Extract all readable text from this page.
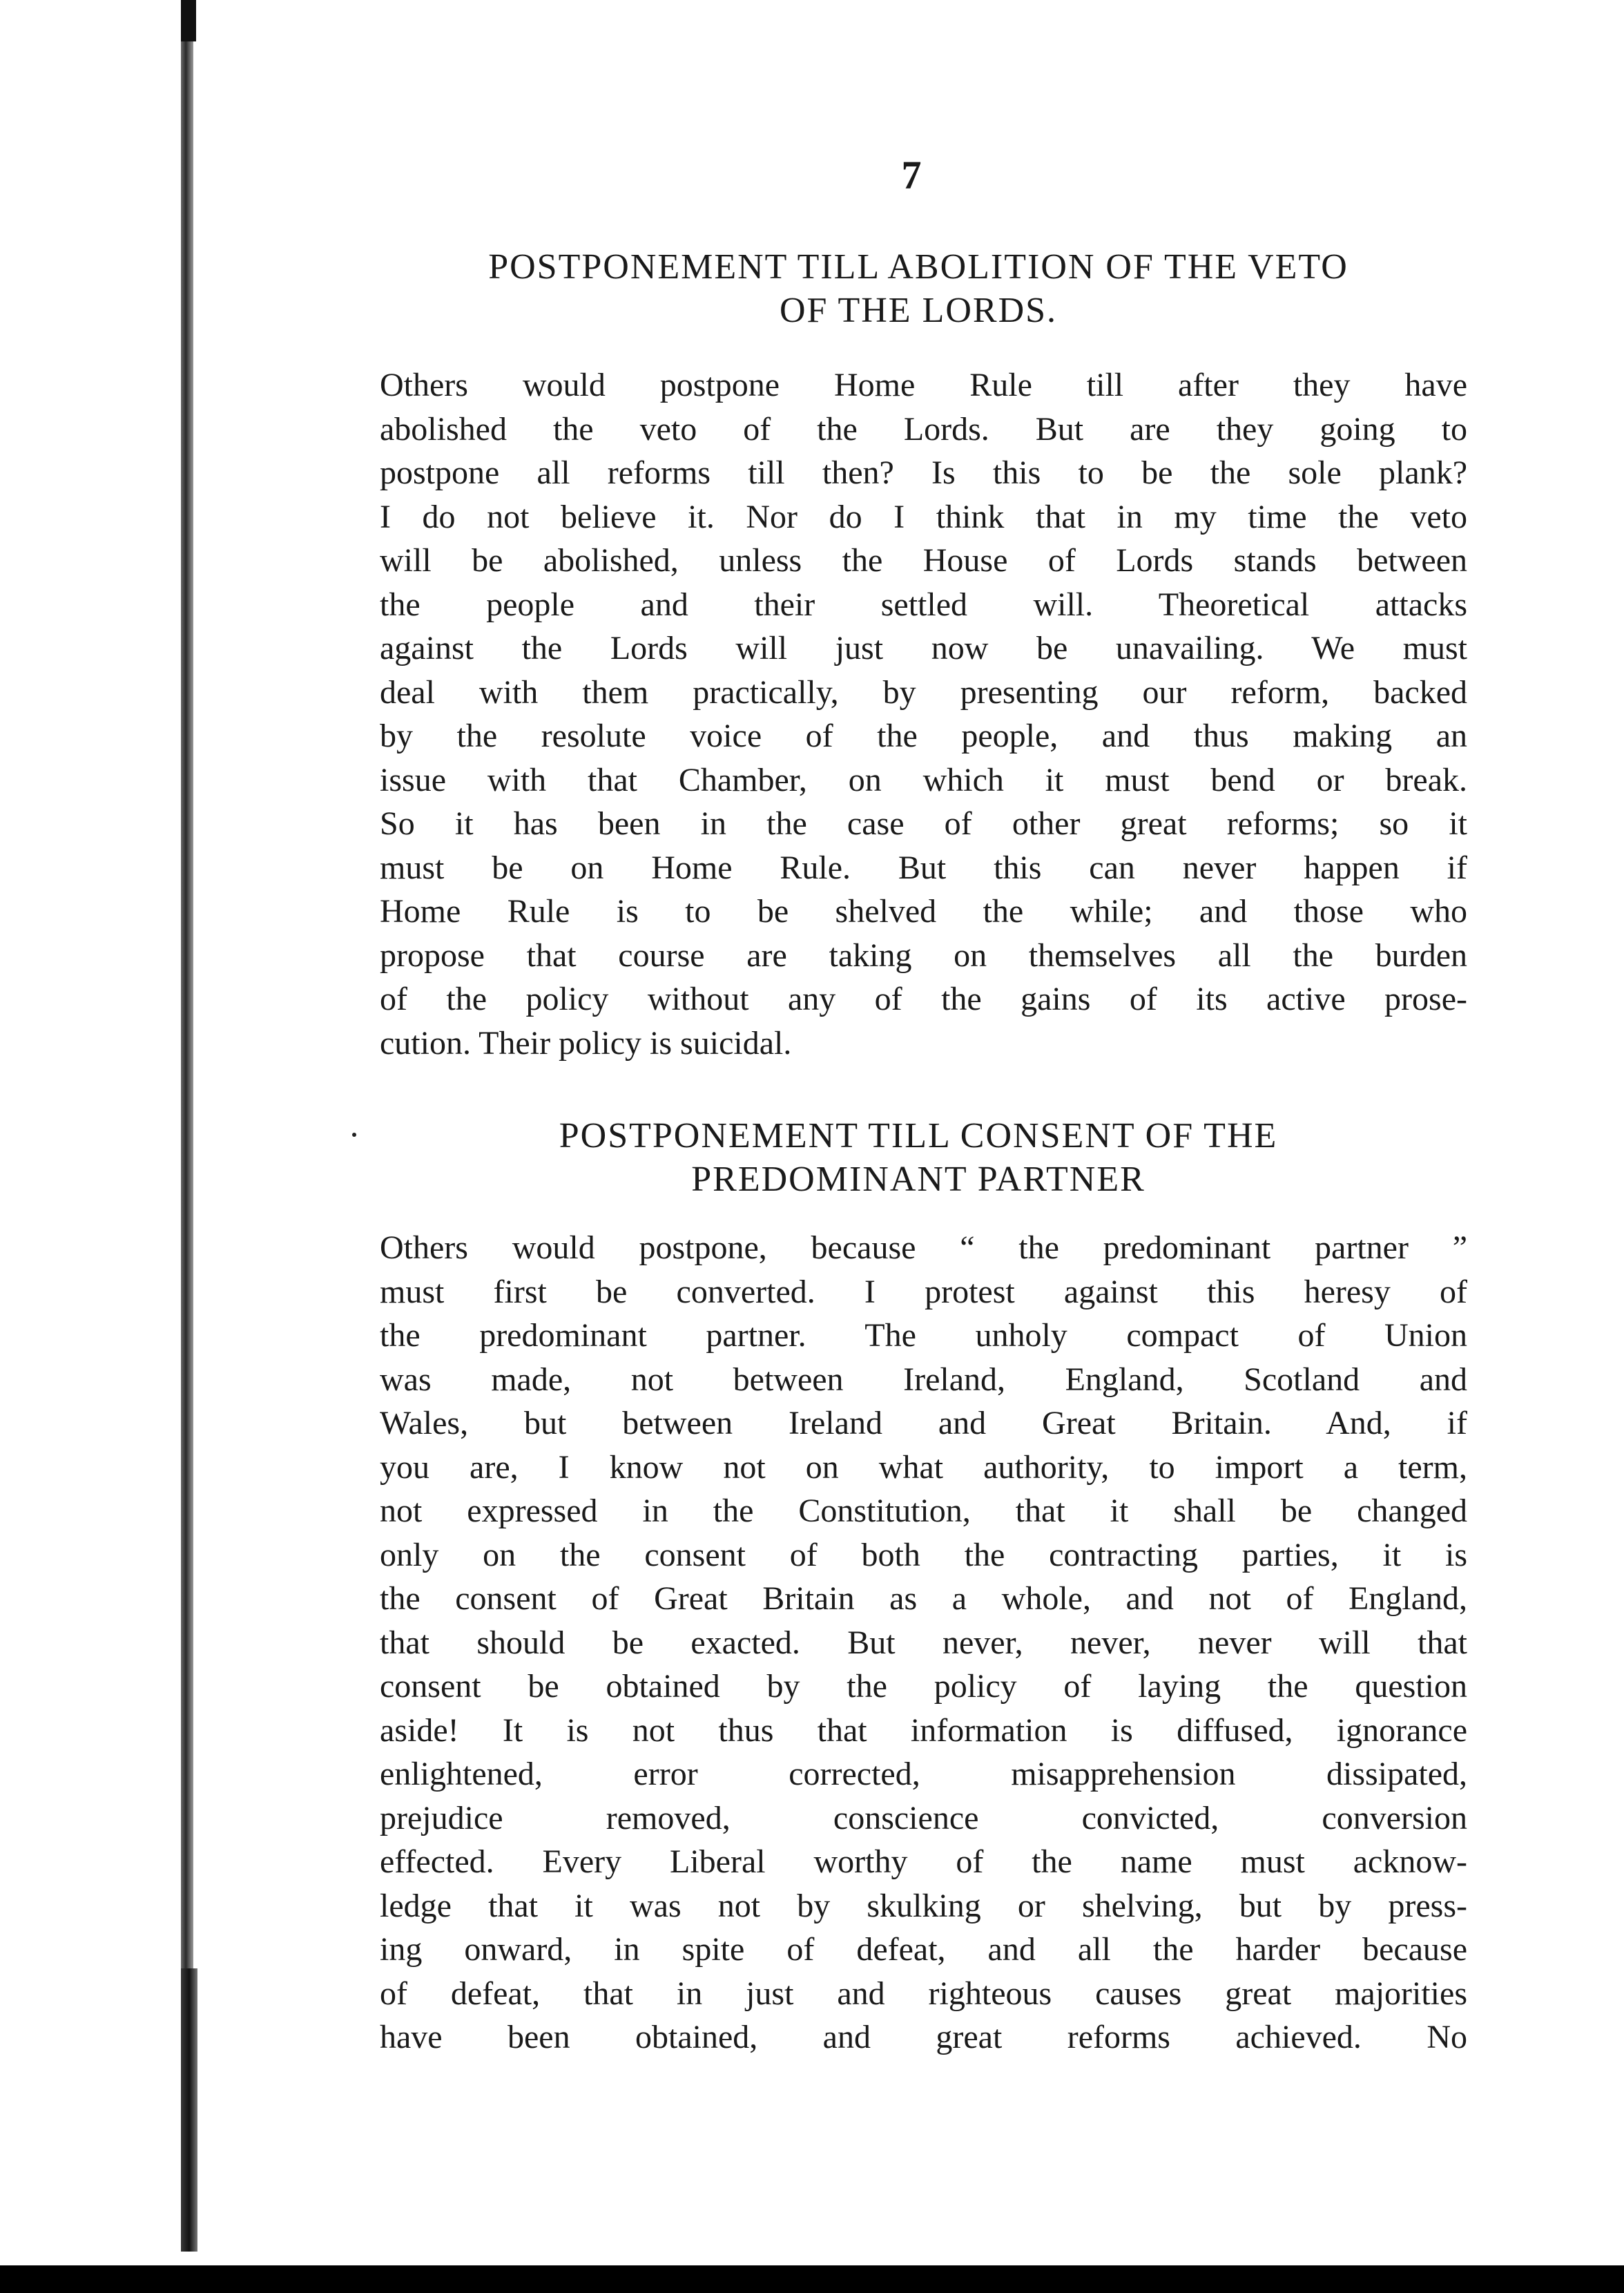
7
POSTPONEMENT TILL ABOLITION OF THE VETO
OF THE LORDS.
Others would postpone Home Rule till after they have
abolished the veto of the Lords. But are they going to
postpone all reforms till then? Is this to be the sole plank?
I do not believe it. Nor do I think that in my time the veto
will be abolished, unless the House of Lords stands between
the people and their settled will. Theoretical attacks
against the Lords will just now be unavailing. We must
deal with them practically, by presenting our reform, backed
by the resolute voice of the people, and thus making an
issue with that Chamber, on which it must bend or break.
So it has been in the case of other great reforms; so it
must be on Home Rule. But this can never happen if
Home Rule is to be shelved the while; and those who
propose that course are taking on themselves all the burden
of the policy without any of the gains of its active prose-
cution. Their policy is suicidal.
POSTPONEMENT TILL CONSENT OF THE
PREDOMINANT PARTNER
Others would postpone, because “ the predominant partner ”
must first be converted. I protest against this heresy of
the predominant partner. The unholy compact of Union
was made, not between Ireland, England, Scotland and
Wales, but between Ireland and Great Britain. And, if
you are, I know not on what authority, to import a term,
not expressed in the Constitution, that it shall be changed
only on the consent of both the contracting parties, it is
the consent of Great Britain as a whole, and not of England,
that should be exacted. But never, never, never will that
consent be obtained by the policy of laying the question
aside! It is not thus that information is diffused, ignorance
enlightened, error corrected, misapprehension dissipated,
prejudice removed, conscience convicted, conversion
effected. Every Liberal worthy of the name must acknow-
ledge that it was not by skulking or shelving, but by press-
ing onward, in spite of defeat, and all the harder because
of defeat, that in just and righteous causes great majorities
have been obtained, and great reforms achieved. No
